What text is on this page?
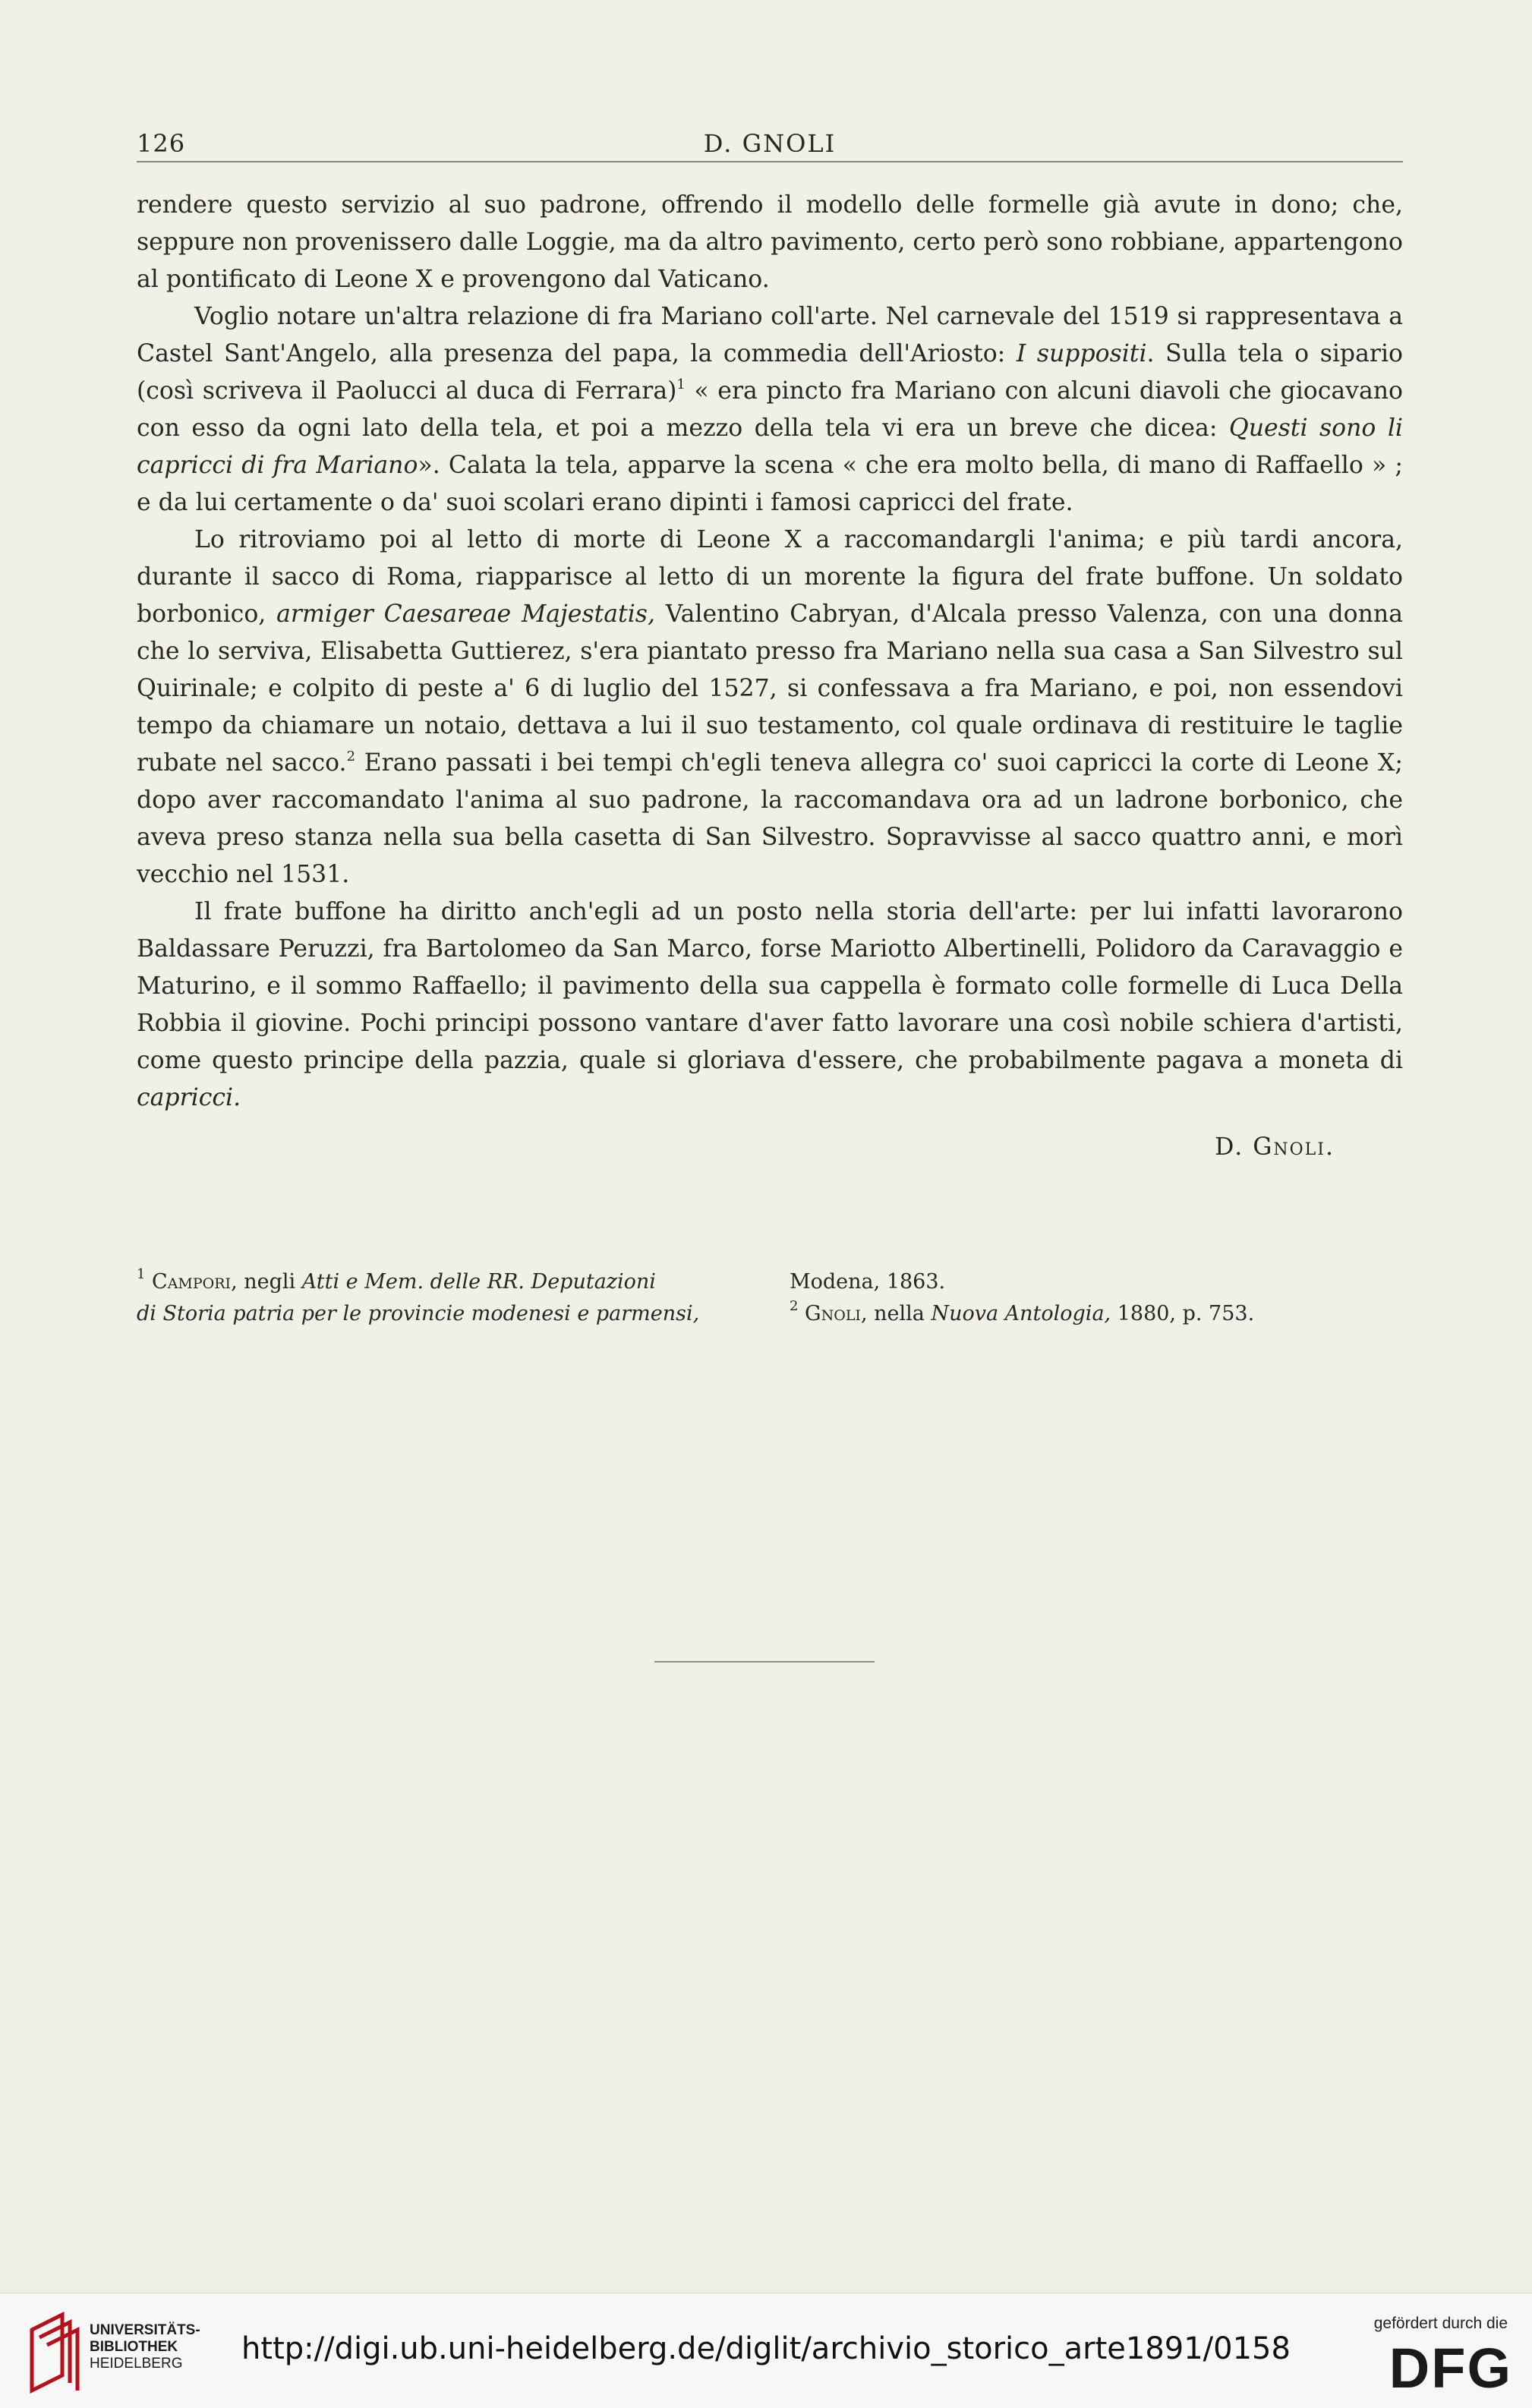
126	D. GNOLI

rendere questo servizio al suo padrone, offrendo il modello delle formelle già avute in dono; che, seppure non provenissero dalle Loggie, ma da altro pavimento, certo però sono robbiane, appartengono al pontificato di Leone X e provengono dal Vaticano.

Voglio notare un'altra relazione di fra Mariano coll'arte. Nel carnevale del 1519 si rappresentava a Castel Sant'Angelo, alla presenza del papa, la commedia dell'Ariosto: I suppositi. Sulla tela o sipario (così scriveva il Paolucci al duca di Ferrara)$^1$ « era pincto fra Mariano con alcuni diavoli che giocavano con esso da ogni lato della tela, et poi a mezzo della tela vi era un breve che dicea: Questi sono li capricci di fra Mariano». Calata la tela, apparve la scena « che era molto bella, di mano di Raffaello » ; e da lui certamente o da' suoi scolari erano dipinti i famosi capricci del frate.

Lo ritroviamo poi al letto di morte di Leone X a raccomandargli l'anima; e più tardi ancora, durante il sacco di Roma, riapparisce al letto di un morente la figura del frate buffone. Un soldato borbonico, armiger Caesareae Majestatis, Valentino Cabryan, d'Alcala presso Valenza, con una donna che lo serviva, Elisabetta Guttierez, s'era piantato presso fra Mariano nella sua casa a San Silvestro sul Quirinale; e colpito di peste a' 6 di luglio del 1527, si confessava a fra Mariano, e poi, non essendovi tempo da chiamare un notaio, dettava a lui il suo testamento, col quale ordinava di restituire le taglie rubate nel sacco.$^2$ Erano passati i bei tempi ch'egli teneva allegra co' suoi capricci la corte di Leone X; dopo aver raccomandato l'anima al suo padrone, la raccomandava ora ad un ladrone borbonico, che aveva preso stanza nella sua bella casetta di San Silvestro. Sopravvisse al sacco quattro anni, e morì vecchio nel 1531.

Il frate buffone ha diritto anch'egli ad un posto nella storia dell'arte: per lui infatti lavorarono Baldassare Peruzzi, fra Bartolomeo da San Marco, forse Mariotto Albertinelli, Polidoro da Caravaggio e Maturino, e il sommo Raffaello; il pavimento della sua cappella è formato colle formelle di Luca Della Robbia il giovine. Pochi principi possono vantare d'aver fatto lavorare una così nobile schiera d'artisti, come questo principe della pazzia, quale si gloriava d'essere, che probabilmente pagava a moneta di capricci.

D. Gnoli.
$^1$ Campori, negli Atti e Mem. delle RR. Deputazioni	Modena, 1863.
di Storia patria per le provincie modenesi e parmensi,	$^2$ Gnoli, nella Nuova Antologia, 1880, p. 753.
UNIVERSITÄTS-
BIBLIOTHEK
HEIDELBERG	http://digi.ub.uni-heidelberg.de/diglit/archivio_storico_arte1891/0158
gefördert durch die
DFG
